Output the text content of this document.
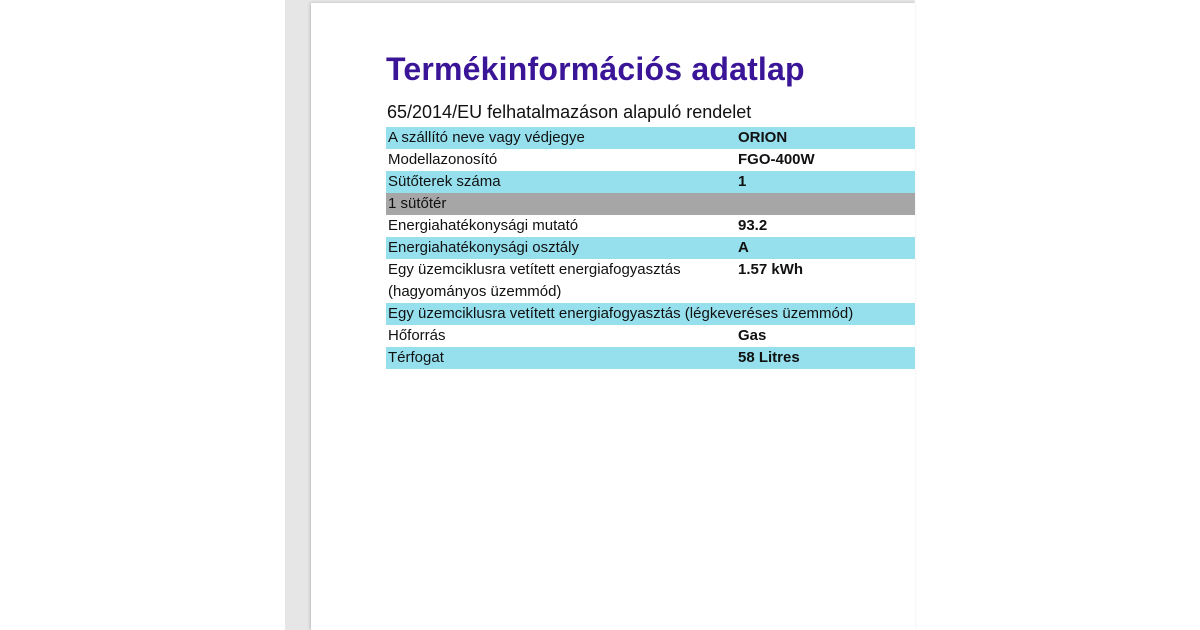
Termékinformációs adatlap
65/2014/EU felhatalmazáson alapuló rendelet
A szállító neve vagy védjegye	ORION
Modellazonosító	FGO-400W
Sütőterek száma	1
1 sütőtér	
Energiahatékonysági mutató	93.2
Energiahatékonysági osztály	A
Egy üzemciklusra vetített energiafogyasztás
(hagyományos üzemmód)	1.57 kWh
Egy üzemciklusra vetített energiafogyasztás (légkeveréses üzemmód)	
Hőforrás	Gas
Térfogat	58 Litres
